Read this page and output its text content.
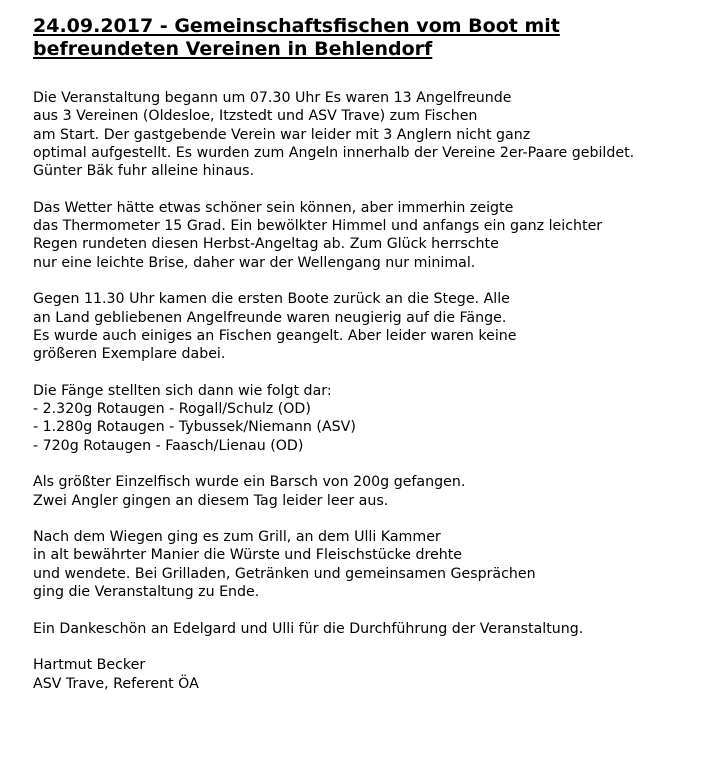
24.09.2017 - Gemeinschaftsfischen vom Boot mit
befreundeten Vereinen in Behlendorf

Die Veranstaltung begann um 07.30 Uhr Es waren 13 Angelfreunde
aus 3 Vereinen (Oldesloe, Itzstedt und ASV Trave) zum Fischen
am Start. Der gastgebende Verein war leider mit 3 Anglern nicht ganz
optimal aufgestellt. Es wurden zum Angeln innerhalb der Vereine 2er-Paare gebildet.
Günter Bäk fuhr alleine hinaus.

Das Wetter hätte etwas schöner sein können, aber immerhin zeigte
das Thermometer 15 Grad. Ein bewölkter Himmel und anfangs ein ganz leichter
Regen rundeten diesen Herbst-Angeltag ab. Zum Glück herrschte
nur eine leichte Brise, daher war der Wellengang nur minimal.

Gegen 11.30 Uhr kamen die ersten Boote zurück an die Stege. Alle
an Land gebliebenen Angelfreunde waren neugierig auf die Fänge.
Es wurde auch einiges an Fischen geangelt. Aber leider waren keine
größeren Exemplare dabei.

Die Fänge stellten sich dann wie folgt dar:
- 2.320g Rotaugen - Rogall/Schulz (OD)
- 1.280g Rotaugen - Tybussek/Niemann (ASV)
- 720g Rotaugen - Faasch/Lienau (OD)

Als größter Einzelfisch wurde ein Barsch von 200g gefangen.
Zwei Angler gingen an diesem Tag leider leer aus.

Nach dem Wiegen ging es zum Grill, an dem Ulli Kammer
in alt bewährter Manier die Würste und Fleischstücke drehte
und wendete. Bei Grilladen, Getränken und gemeinsamen Gesprächen
ging die Veranstaltung zu Ende.

Ein Dankeschön an Edelgard und Ulli für die Durchführung der Veranstaltung.

Hartmut Becker
ASV Trave, Referent ÖA
